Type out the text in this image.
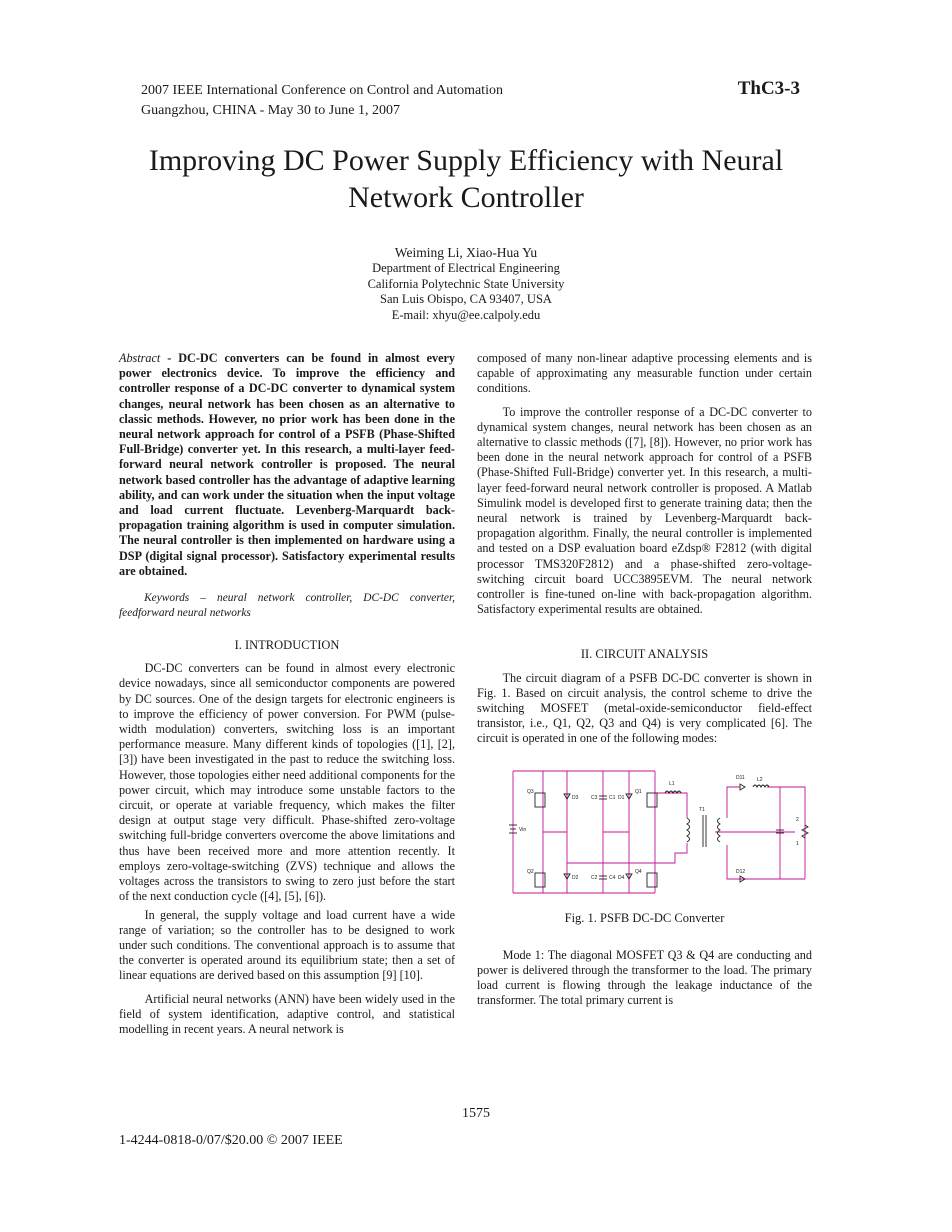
2007 IEEE International Conference on Control and Automation
Guangzhou, CHINA - May 30 to June 1, 2007
ThC3-3
Improving DC Power Supply Efficiency with Neural
Network Controller
Weiming Li, Xiao-Hua Yu
Department of Electrical Engineering
California Polytechnic State University
San Luis Obispo, CA 93407, USA
E-mail: xhyu@ee.calpoly.edu

Abstract - DC-DC converters can be found in almost every power electronics device. To improve the efficiency and controller response of a DC-DC converter to dynamical system changes, neural network has been chosen as an alternative to classic methods. However, no prior work has been done in the neural network approach for control of a PSFB (Phase-Shifted Full-Bridge) converter yet. In this research, a multi-layer feed-forward neural network controller is proposed. The neural network based controller has the advantage of adaptive learning ability, and can work under the situation when the input voltage and load current fluctuate. Levenberg-Marquardt back-propagation training algorithm is used in computer simulation. The neural controller is then implemented on hardware using a DSP (digital signal processor). Satisfactory experimental results are obtained.

Keywords – neural network controller, DC-DC converter, feedforward neural networks

I. INTRODUCTION

DC-DC converters can be found in almost every electronic device nowadays, since all semiconductor components are powered by DC sources. One of the design targets for electronic engineers is to improve the efficiency of power conversion. For PWM (pulse-width modulation) converters, switching loss is an important performance measure. Many different kinds of topologies ([1], [2], [3]) have been investigated in the past to reduce the switching loss. However, those topologies either need additional components for the power circuit, which may introduce some unstable factors to the circuit, or operate at variable frequency, which makes the filter design at output stage very difficult. Phase-shifted zero-voltage switching full-bridge converters overcome the above limitations and thus have been received more and more attention recently. It employs zero-voltage-switching (ZVS) technique and allows the voltages across the transistors to swing to zero just before the start of the next conduction cycle ([4], [5], [6]).

In general, the supply voltage and load current have a wide range of variation; so the controller has to be designed to work under such conditions. The conventional approach is to assume that the converter is operated around its equilibrium state; then a set of linear equations are derived based on this assumption [9] [10].

Artificial neural networks (ANN) have been widely used in the field of system identification, adaptive control, and statistical modelling in recent years. A neural network is

composed of many non-linear adaptive processing elements and is capable of approximating any measurable function under certain conditions.

To improve the controller response of a DC-DC converter to dynamical system changes, neural network has been chosen as an alternative to classic methods ([7], [8]). However, no prior work has been done in the neural network approach for control of a PSFB (Phase-Shifted Full-Bridge) converter yet. In this research, a multi-layer feed-forward neural network controller is proposed. A Matlab Simulink model is developed first to generate training data; then the neural network is trained by Levenberg-Marquardt back-propagation algorithm. Finally, the neural controller is implemented and tested on a DSP evaluation board eZdsp® F2812 (with digital processor TMS320F2812) and a phase-shifted zero-voltage-switching circuit board UCC3895EVM. The neural network controller is fine-tuned on-line with back-propagation algorithm. Satisfactory experimental results are obtained.

II. CIRCUIT ANALYSIS

The circuit diagram of a PSFB DC-DC converter is shown in Fig. 1. Based on circuit analysis, the control scheme to drive the switching MOSFET (metal-oxide-semiconductor field-effect transistor, i.e., Q1, Q2, Q3 and Q4) is very complicated [6]. The circuit is operated in one of the following modes:

Vin
Q3
Q2
Q1
Q4
D3
D2
D1
D4
C3
C2
C1
C4
L1
T1
D11
D12
L2
2
1
Fig. 1. PSFB DC-DC Converter

Mode 1: The diagonal MOSFET Q3 & Q4 are conducting and power is delivered through the transformer to the load. The primary load current is flowing through the leakage inductance of the transformer. The total primary current is

1575
1-4244-0818-0/07/$20.00 © 2007 IEEE
